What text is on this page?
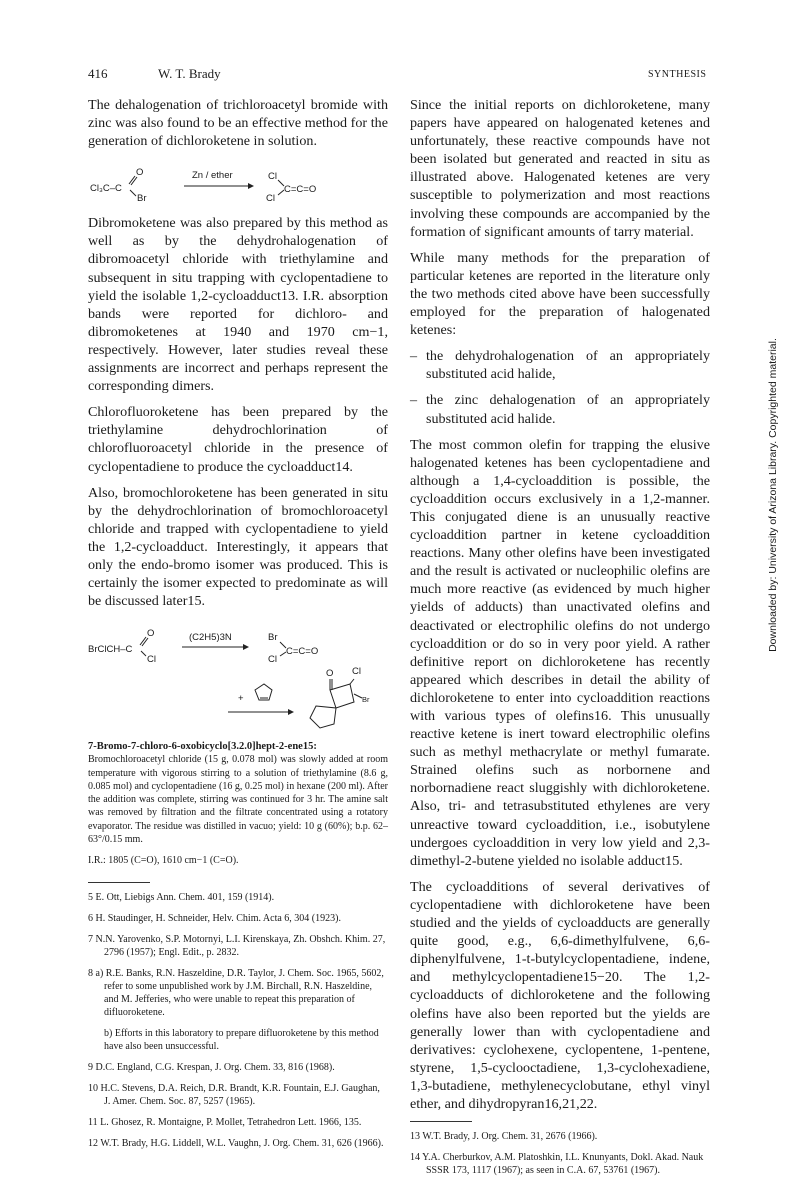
416	W. T. Brady	SYNTHESIS

The dehalogenation of trichloroacetyl bromide with zinc was also found to be an effective method for the generation of dichloroketene in solution.

Cl₃C–C
O
Br
Zn / ether	Cl
Cl
C=C=O

Dibromoketene was also prepared by this method as well as by the dehydrohalogenation of dibromoacetyl chloride with triethylamine and subsequent in situ trapping with cyclopentadiene to yield the isolable 1,2-cycloadduct13. I.R. absorption bands were reported for dichloro- and dibromoketenes at 1940 and 1970 cm−1, respectively. However, later studies reveal these assignments are incorrect and perhaps represent the corresponding dimers.

Chlorofluoroketene has been prepared by the triethylamine dehydrochlorination of chlorofluoroacetyl chloride in the presence of cyclopentadiene to produce the cycloadduct14.

Also, bromochloroketene has been generated in situ by the dehydrochlorination of bromochloroacetyl chloride and trapped with cyclopentadiene to yield the 1,2-cycloadduct. Interestingly, it appears that only the endo-bromo isomer was produced. This is certainly the isomer expected to predominate as will be discussed later15.

BrClCH–C
O
Cl
(C2H5)3N	Br
Cl
C=C=O
+
O Cl
Br
7-Bromo-7-chloro-6-oxobicyclo[3.2.0]hept-2-ene15:

Bromochloroacetyl chloride (15 g, 0.078 mol) was slowly added at room temperature with vigorous stirring to a solution of triethylamine (8.6 g, 0.085 mol) and cyclopentadiene (16 g, 0.25 mol) in hexane (200 ml). After the addition was complete, stirring was continued for 3 hr. The amine salt was removed by filtration and the filtrate concentrated using a rotatory evaporator. The residue was distilled in vacuo; yield: 10 g (60%); b.p. 62–63°/0.15 mm.

I.R.: 1805 (C=O), 1610 cm−1 (C=O).

5 E. Ott, Liebigs Ann. Chem. 401, 159 (1914).

6 H. Staudinger, H. Schneider, Helv. Chim. Acta 6, 304 (1923).

7 N.N. Yarovenko, S.P. Motornyi, L.I. Kirenskaya, Zh. Obshch. Khim. 27, 2796 (1957); Engl. Edit., p. 2832.

8 a) R.E. Banks, R.N. Haszeldine, D.R. Taylor, J. Chem. Soc. 1965, 5602, refer to some unpublished work by J.M. Birchall, R.N. Haszeldine, and M. Jefferies, who were unable to repeat this preparation of difluoroketene.

b) Efforts in this laboratory to prepare difluoroketene by this method have also been unsuccessful.

9 D.C. England, C.G. Krespan, J. Org. Chem. 33, 816 (1968).

10 H.C. Stevens, D.A. Reich, D.R. Brandt, K.R. Fountain, E.J. Gaughan, J. Amer. Chem. Soc. 87, 5257 (1965).

11 L. Ghosez, R. Montaigne, P. Mollet, Tetrahedron Lett. 1966, 135.

12 W.T. Brady, H.G. Liddell, W.L. Vaughn, J. Org. Chem. 31, 626 (1966).

Since the initial reports on dichloroketene, many papers have appeared on halogenated ketenes and unfortunately, these reactive compounds have not been isolated but generated and reacted in situ as illustrated above. Halogenated ketenes are very susceptible to polymerization and most reactions involving these compounds are accompanied by the formation of significant amounts of tarry material.

While many methods for the preparation of particular ketenes are reported in the literature only the two methods cited above have been successfully employed for the preparation of halogenated ketenes:

– the dehydrohalogenation of an appropriately substituted acid halide,
– the zinc dehalogenation of an appropriately substituted acid halide.

The most common olefin for trapping the elusive halogenated ketenes has been cyclopentadiene and although a 1,4-cycloaddition is possible, the cycloaddition occurs exclusively in a 1,2-manner. This conjugated diene is an unusually reactive cycloaddition partner in ketene cycloaddition reactions. Many other olefins have been investigated and the result is activated or nucleophilic olefins are much more reactive (as evidenced by much higher yields of adducts) than unactivated olefins and deactivated or electrophilic olefins do not undergo cycloaddition or do so in very poor yield. A rather definitive report on dichloroketene has recently appeared which describes in detail the ability of dichloroketene to enter into cycloaddition reactions with various types of olefins16. This unusually reactive ketene is inert toward electrophilic olefins such as methyl methacrylate or methyl fumarate. Strained olefins such as norbornene and norbornadiene react sluggishly with dichloroketene. Also, tri- and tetrasubstituted ethylenes are very unreactive toward cycloaddition, i.e., isobutylene undergoes cycloaddition in very low yield and 2,3-dimethyl-2-butene yielded no isolable adduct15.

The cycloadditions of several derivatives of cyclopentadiene with dichloroketene have been studied and the yields of cycloadducts are generally quite good, e.g., 6,6-dimethylfulvene, 6,6-diphenylfulvene, 1-t-butylcyclopentadiene, indene, and methylcyclopentadiene15−20. The 1,2-cycloadducts of dichloroketene and the following olefins have also been reported but the yields are generally lower than with cyclopentadiene and derivatives: cyclohexene, cyclopentene, 1-pentene, styrene, 1,5-cyclooctadiene, 1,3-cyclohexadiene, 1,3-butadiene, methylenecyclobutane, ethyl vinyl ether, and dihydropyran16,21,22.

13 W.T. Brady, J. Org. Chem. 31, 2676 (1966).

14 Y.A. Cherburkov, A.M. Platoshkin, I.L. Knunyants, Dokl. Akad. Nauk SSSR 173, 1117 (1967); as seen in C.A. 67, 53761 (1967).

Downloaded by: University of Arizona Library. Copyrighted material.
